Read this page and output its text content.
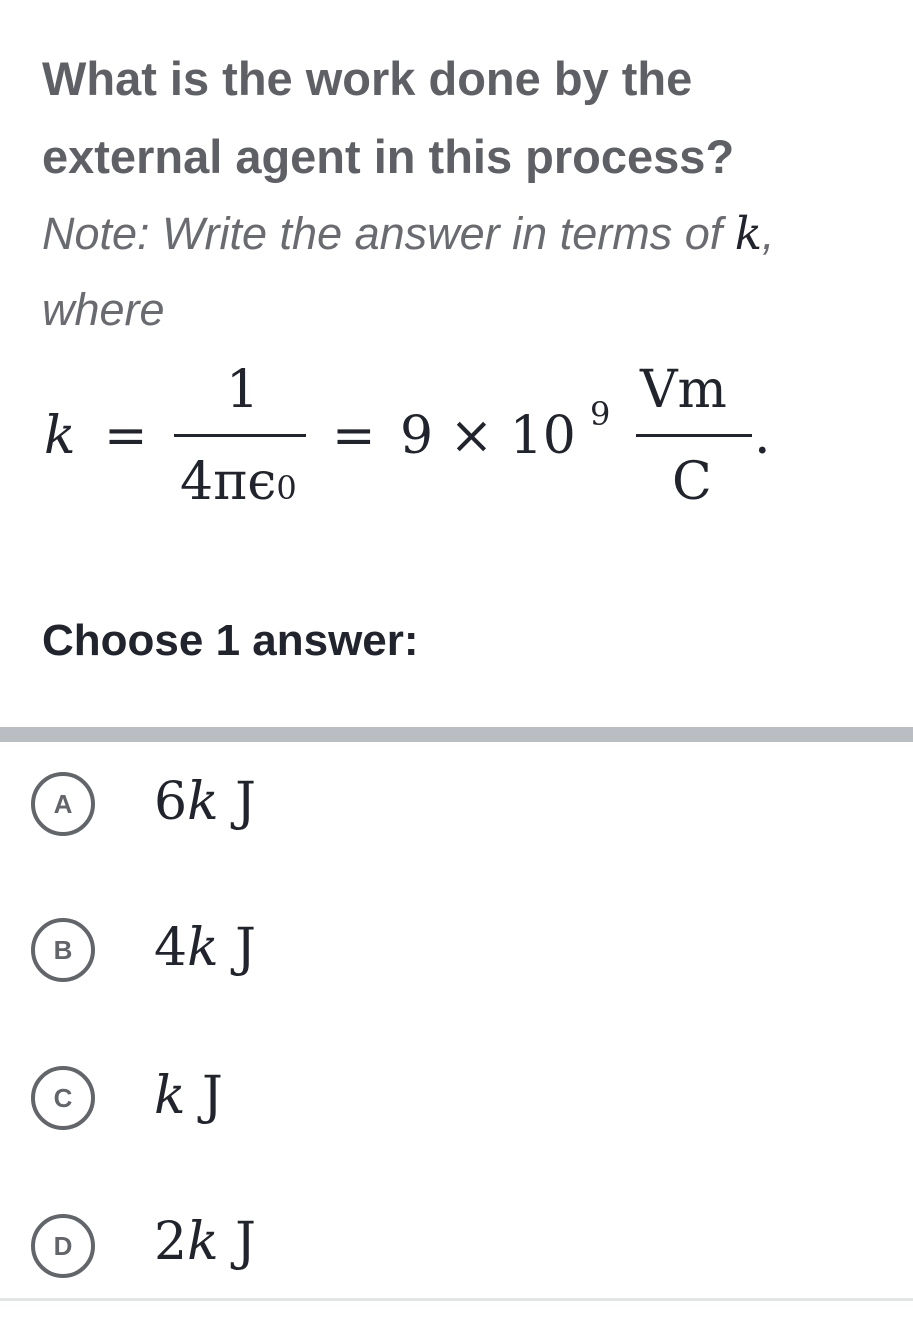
What is the work done by the
external agent in this process?
Note: Write the answer in terms of k,
where
k =
1
4πϵ0
= 9 × 10 9 Vm
C
.
Choose 1 answer:
A	6k J
B	4k J
C	k J
D	2k J
